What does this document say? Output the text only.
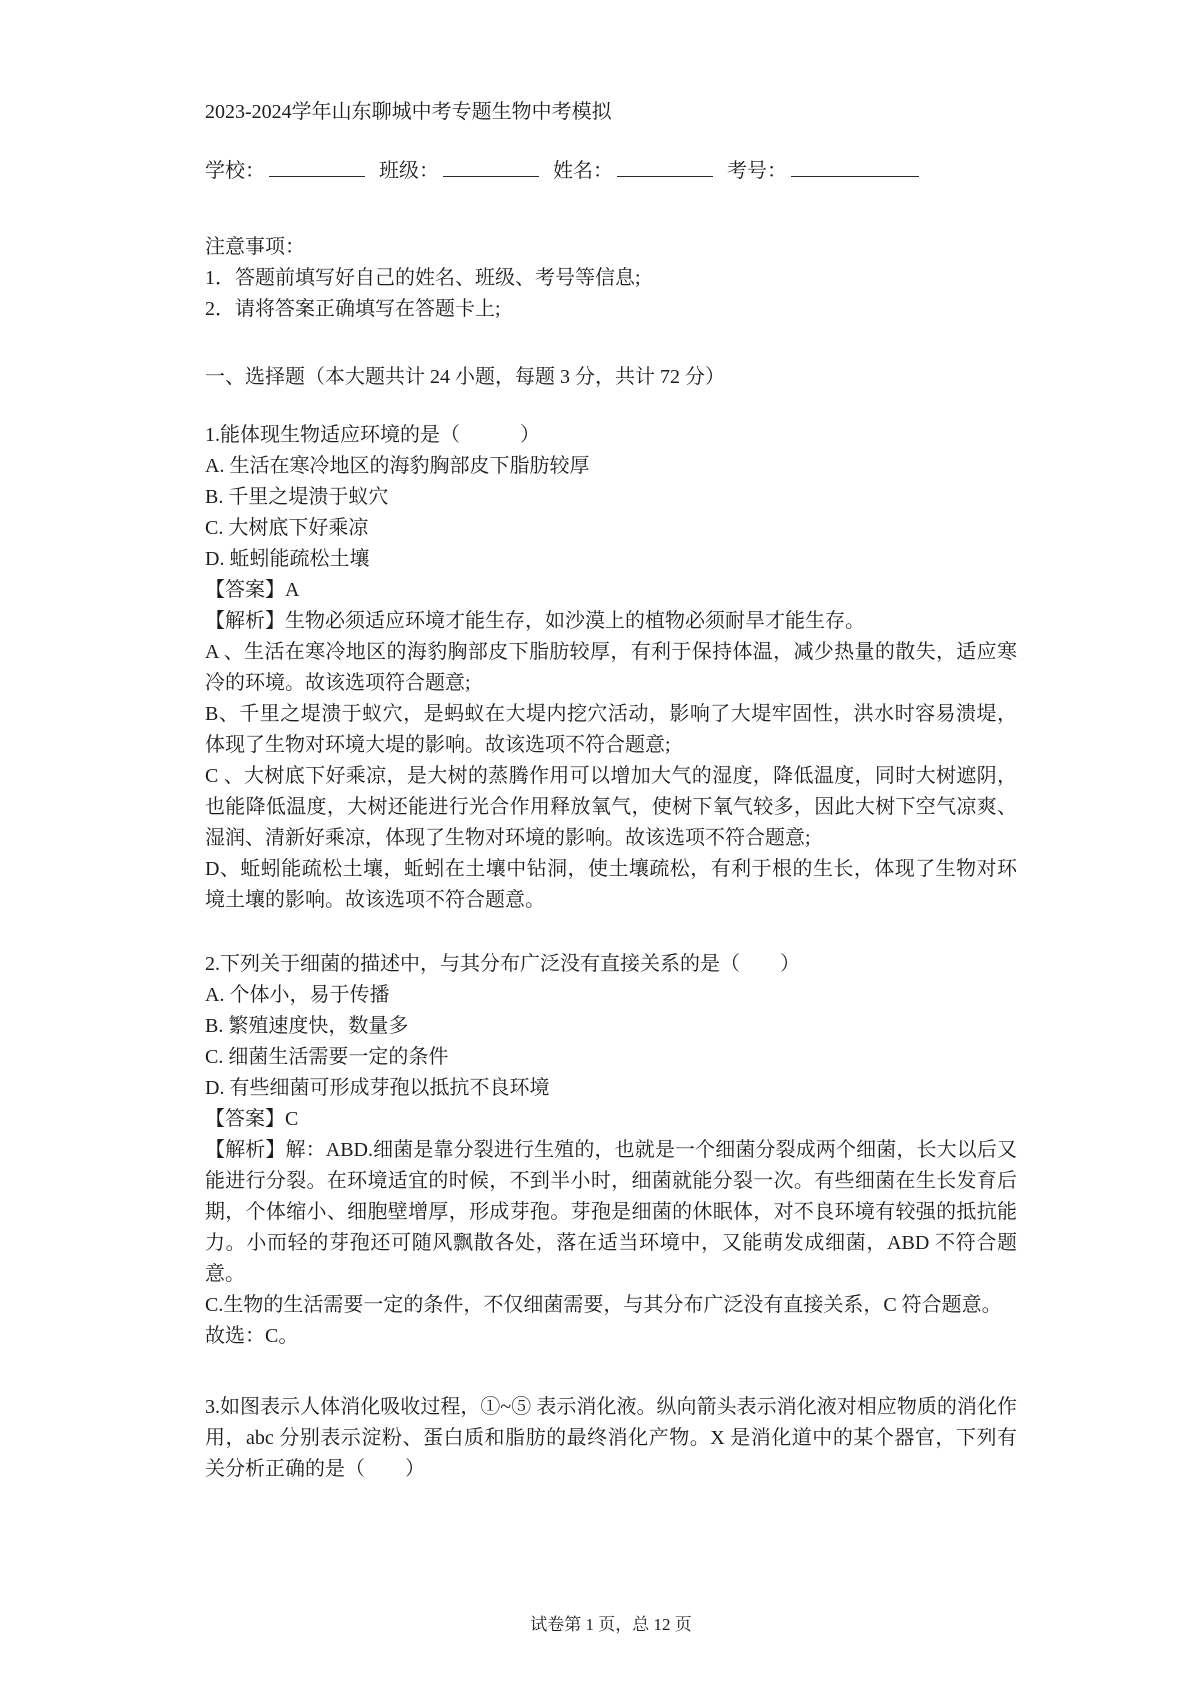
2023-2024学年山东聊城中考专题生物中考模拟
学校：	班级：	姓名：	考号：
注意事项：
1．答题前填写好自己的姓名、班级、考号等信息;
2．请将答案正确填写在答题卡上;
一、选择题（本大题共计 24 小题，每题 3 分，共计 72 分）
1.能体现生物适应环境的是（　　　）
A. 生活在寒冷地区的海豹胸部皮下脂肪较厚
B. 千里之堤溃于蚁穴
C. 大树底下好乘凉
D. 蚯蚓能疏松土壤
【答案】A
【解析】生物必须适应环境才能生存，如沙漠上的植物必须耐旱才能生存。
A 、生活在寒冷地区的海豹胸部皮下脂肪较厚，有利于保持体温，减少热量的散失，适应寒冷的环境。故该选项符合题意;
B、千里之堤溃于蚁穴，是蚂蚁在大堤内挖穴活动，影响了大堤牢固性，洪水时容易溃堤，体现了生物对环境大堤的影响。故该选项不符合题意;
C 、大树底下好乘凉，是大树的蒸腾作用可以增加大气的湿度，降低温度，同时大树遮阴，也能降低温度，大树还能进行光合作用释放氧气，使树下氧气较多，因此大树下空气凉爽、湿润、清新好乘凉，体现了生物对环境的影响。故该选项不符合题意;
D、蚯蚓能疏松土壤，蚯蚓在土壤中钻洞，使土壤疏松，有利于根的生长，体现了生物对环境土壤的影响。故该选项不符合题意。
2.下列关于细菌的描述中，与其分布广泛没有直接关系的是（　　）
A. 个体小，易于传播
B. 繁殖速度快，数量多
C. 细菌生活需要一定的条件
D. 有些细菌可形成芽孢以抵抗不良环境
【答案】C
【解析】解：ABD.细菌是靠分裂进行生殖的，也就是一个细菌分裂成两个细菌，长大以后又能进行分裂。在环境适宜的时候，不到半小时，细菌就能分裂一次。有些细菌在生长发育后期，个体缩小、细胞壁增厚，形成芽孢。芽孢是细菌的休眠体，对不良环境有较强的抵抗能力。小而轻的芽孢还可随风飘散各处，落在适当环境中，又能萌发成细菌，ABD 不符合题意。
C.生物的生活需要一定的条件，不仅细菌需要，与其分布广泛没有直接关系，C 符合题意。
故选：C。
3.如图表示人体消化吸收过程，①~⑤ 表示消化液。纵向箭头表示消化液对相应物质的消化作用，abc 分别表示淀粉、蛋白质和脂肪的最终消化产物。X 是消化道中的某个器官，下列有关分析正确的是（　　）
试卷第 1 页，总 12 页
